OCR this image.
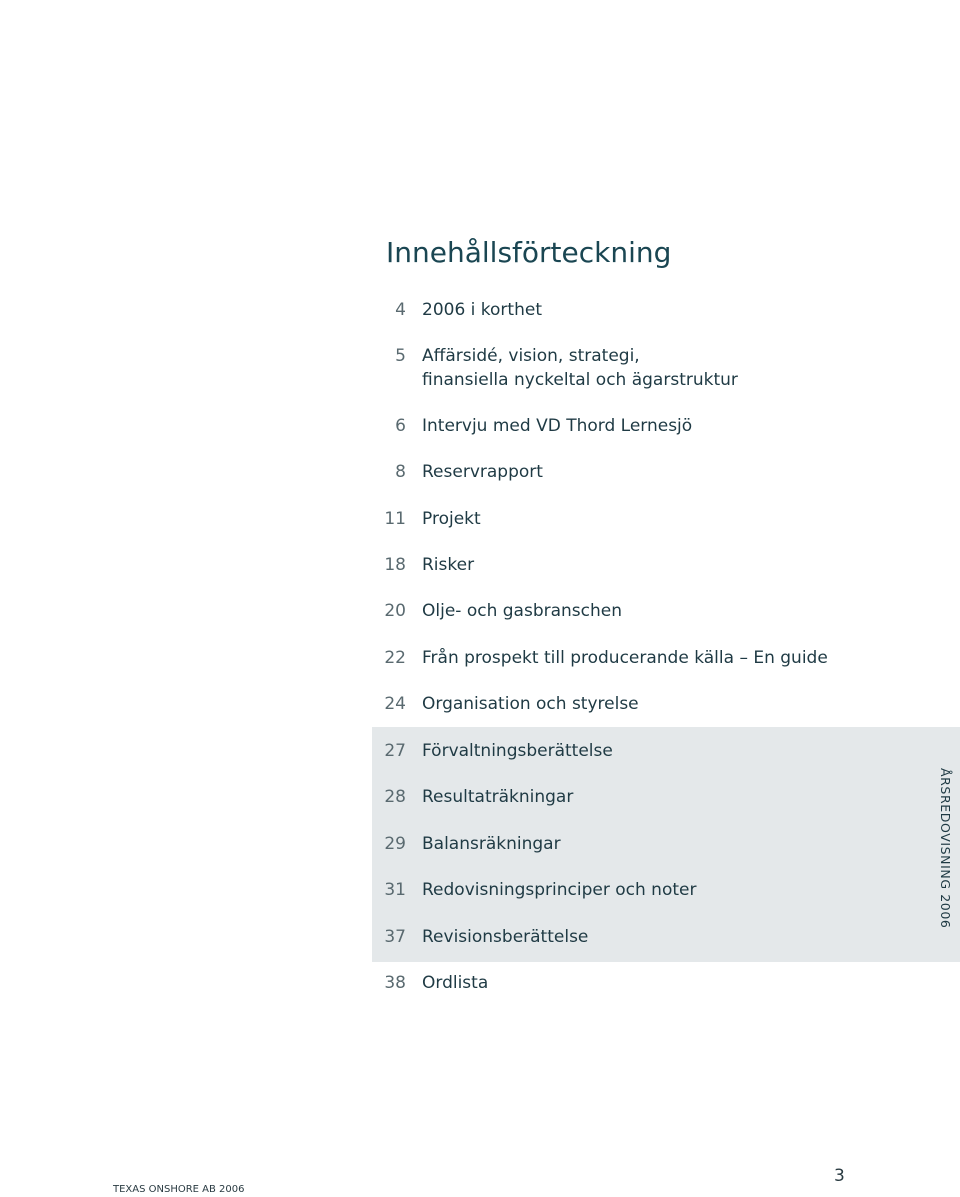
Innehållsförteckning
4 2006 i korthet
5 Affärsidé, vision, strategi,
finansiella nyckeltal och ägarstruktur
6 Intervju med VD Thord Lernesjö
8 Reservrapport
11 Projekt
18 Risker
20 Olje- och gasbranschen
22 Från prospekt till producerande källa – En guide
24 Organisation och styrelse
27 Förvaltningsberättelse
28 Resultaträkningar
29 Balansräkningar
31 Redovisningsprinciper och noter
37 Revisionsberättelse
38 Ordlista
ÅRSREDOVISNING 2006
TEXAS ONSHORE AB 2006
3
